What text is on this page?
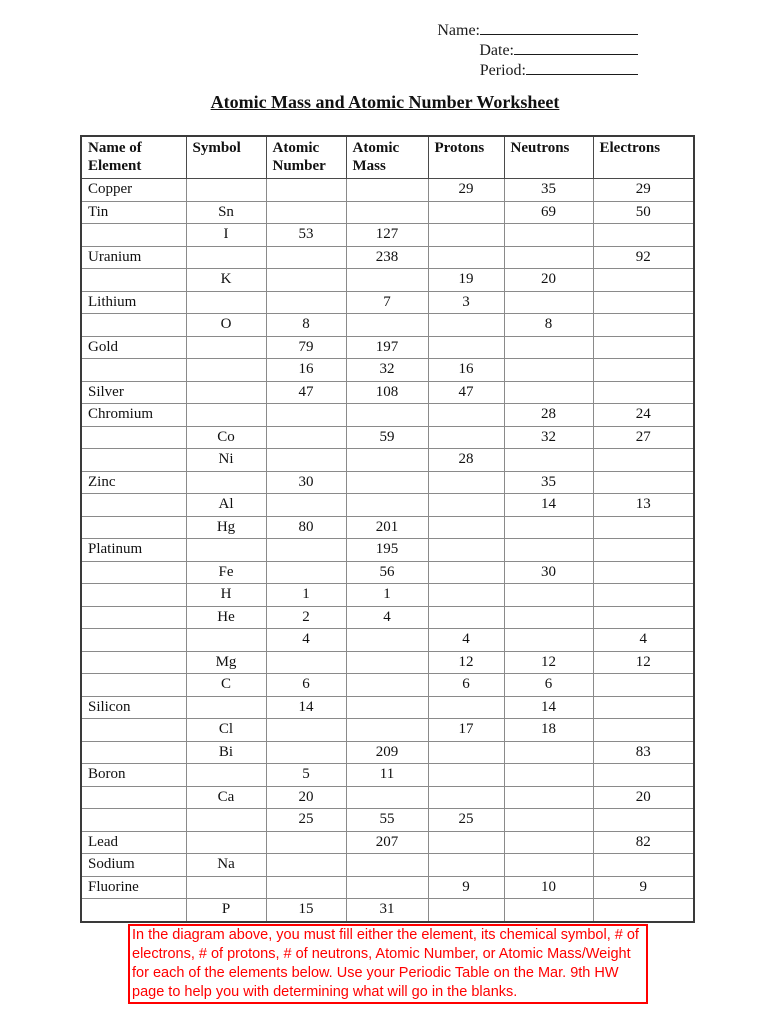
Name:
Date:
Period:
Atomic Mass and Atomic Number Worksheet
Name of Element	Symbol	Atomic Number	Atomic Mass	Protons	Neutrons	Electrons
Copper				29	35	29
Tin	Sn				69	50
	I	53	127			
Uranium			238			92
	K			19	20	
Lithium			7	3		
	O	8			8	
Gold		79	197			
		16	32	16		
Silver		47	108	47		
Chromium					28	24
	Co		59		32	27
	Ni			28		
Zinc		30			35	
	Al				14	13
	Hg	80	201			
Platinum			195			
	Fe		56		30	
	H	1	1			
	He	2	4			
		4		4		4
	Mg			12	12	12
	C	6		6	6	
Silicon		14			14	
	Cl			17	18	
	Bi		209			83
Boron		5	11			
	Ca	20				20
		25	55	25		
Lead			207			82
Sodium	Na					
Fluorine				9	10	9
	P	15	31			
In the diagram above, you must fill either the element, its chemical symbol, # of electrons, # of protons, # of neutrons, Atomic Number, or Atomic Mass/Weight for each of the elements below. Use your Periodic Table on the Mar. 9th HW page to help you with determining what will go in the blanks.
